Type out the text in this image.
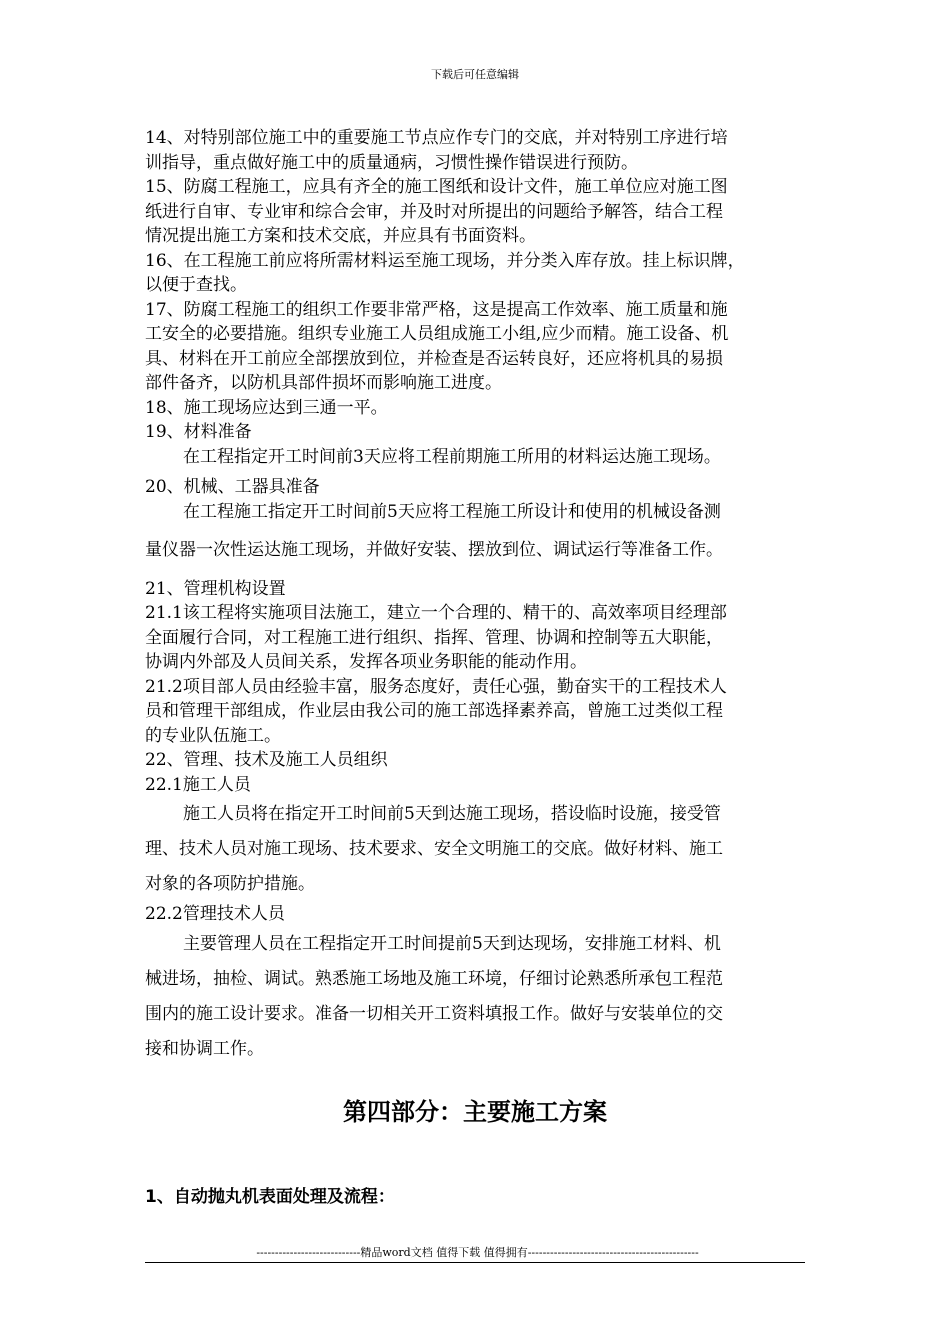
下载后可任意编辑
14、对特别部位施工中的重要施工节点应作专门的交底，并对特别工序进行培
训指导，重点做好施工中的质量通病，习惯性操作错误进行预防。
15、防腐工程施工，应具有齐全的施工图纸和设计文件，施工单位应对施工图
纸进行自审、专业审和综合会审，并及时对所提出的问题给予解答，结合工程
情况提出施工方案和技术交底，并应具有书面资料。
16、在工程施工前应将所需材料运至施工现场，并分类入库存放。挂上标识牌，
以便于查找。
17、防腐工程施工的组织工作要非常严格，这是提高工作效率、施工质量和施
工安全的必要措施。组织专业施工人员组成施工小组,应少而精。施工设备、机
具、材料在开工前应全部摆放到位，并检查是否运转良好，还应将机具的易损
部件备齐，以防机具部件损坏而影响施工进度。
18、施工现场应达到三通一平。
19、材料准备
在工程指定开工时间前3天应将工程前期施工所用的材料运达施工现场。
20、机械、工器具准备
在工程施工指定开工时间前5天应将工程施工所设计和使用的机械设备测
量仪器一次性运达施工现场，并做好安装、摆放到位、调试运行等准备工作。
21、管理机构设置
21.1该工程将实施项目法施工，建立一个合理的、精干的、高效率项目经理部
全面履行合同，对工程施工进行组织、指挥、管理、协调和控制等五大职能，
协调内外部及人员间关系，发挥各项业务职能的能动作用。
21.2项目部人员由经验丰富，服务态度好，责任心强，勤奋实干的工程技术人
员和管理干部组成，作业层由我公司的施工部选择素养高，曾施工过类似工程
的专业队伍施工。
22、管理、技术及施工人员组织
22.1施工人员
施工人员将在指定开工时间前5天到达施工现场，搭设临时设施，接受管
理、技术人员对施工现场、技术要求、安全文明施工的交底。做好材料、施工
对象的各项防护措施。
22.2管理技术人员
主要管理人员在工程指定开工时间提前5天到达现场，安排施工材料、机
械进场，抽检、调试。熟悉施工场地及施工环境，仔细讨论熟悉所承包工程范
围内的施工设计要求。准备一切相关开工资料填报工作。做好与安装单位的交
接和协调工作。
第四部分：主要施工方案
1、自动抛丸机表面处理及流程：
----------------------------精品word文档 值得下载 值得拥有----------------------------------------------
